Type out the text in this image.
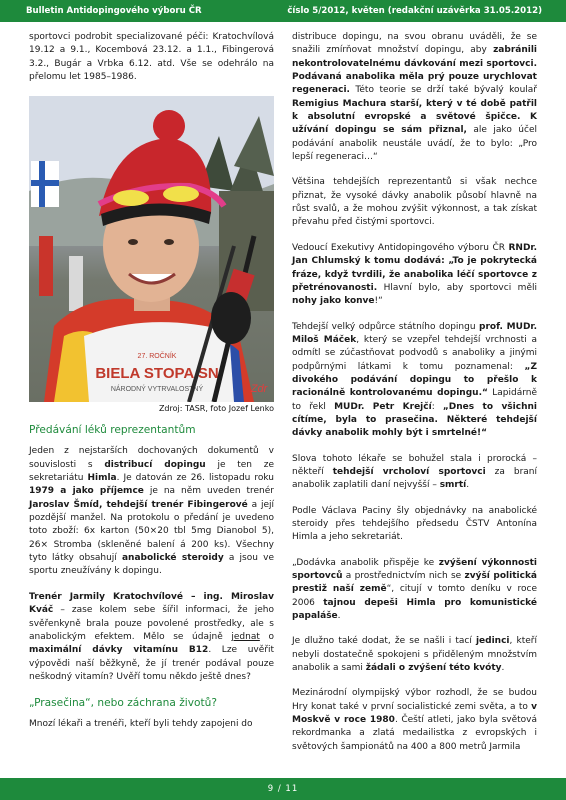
Bulletin Antidopingového výboru ČR	číslo 5/2012, květen (redakční uzávěrka 31.05.2012)

sportovci podrobit specializované péči: Kratochvílová 19.12 a 9.1., Kocembová 23.12. a 1.1., Fibingerová 3.2., Bugár a Vrbka 6.12. atd. Vše se odehrálo na přelomu let 1985–1986.

BIELA STOPA SN
27. ROČNÍK
NÁRODNÝ VYTRVALOSTNÝ	Zdr
Zdroj: TASR, foto Jozef Lenko
Předávání léků reprezentantům

Jeden z nejstarších dochovaných dokumentů v souvislosti s distribucí dopingu je ten ze sekretariátu Himla. Je datován ze 26. listopadu roku 1979 a jako příjemce je na něm uveden trenér Jaroslav Šmíd, tehdejší trenér Fibingerové a její pozdější manžel. Na protokolu o předání je uvedeno toto zboží: 6x karton (50×20 tbl 5mg Dianobol 5), 26× Stromba (skleněné balení á 200 ks). Všechny tyto látky obsahují anabolické steroidy a jsou ve sportu zneužívány k dopingu.

Trenér Jarmily Kratochvílové – ing. Miroslav Kváč – zase kolem sebe šířil informaci, že jeho svěřenkyně brala pouze povolené prostředky, ale s anabolickým efektem. Mělo se údajně jednat o maximální dávky vitamínu B12. Lze uvěřit výpovědi naší běžkyně, že jí trenér podával pouze neškodný vitamín? Uvěří tomu někdo ještě dnes?

„Prasečina“, nebo záchrana životů?

Mnozí lékaři a trenéři, kteří byli tehdy zapojeni do

distribuce dopingu, na svou obranu uváděli, že se snažili zmírňovat množství dopingu, aby zabránili nekontrolovatelnému dávkování mezi sportovci. Podávaná anabolika měla prý pouze urychlovat regeneraci. Této teorie se drží také bývalý koulař Remigius Machura starší, který v té době patřil k absolutní evropské a světové špičce. K užívání dopingu se sám přiznal, ale jako účel podávání anabolik neustále uvádí, že to bylo: „Pro lepší regeneraci…“

Většina tehdejších reprezentantů si však nechce přiznat, že vysoké dávky anabolik působí hlavně na růst svalů, a že mohou zvýšit výkonnost, a tak získat převahu před čistými sportovci.

Vedoucí Exekutivy Antidopingového výboru ČR RNDr. Jan Chlumský k tomu dodává: „To je pokrytecká fráze, když tvrdili, že anabolika léčí sportovce z přetrénovanosti. Hlavní bylo, aby sportovci měli nohy jako konve!“

Tehdejší velký odpůrce státního dopingu prof. MUDr. Miloš Máček, který se vzepřel tehdejší vrchnosti a odmítl se zúčastňovat podvodů s anaboliky a jinými podpůrnými látkami k tomu poznamenal: „Z divokého podávání dopingu to přešlo k racionálně kontrolovanému dopingu.“ Lapidárně to řekl MUDr. Petr Krejčí: „Dnes to všichni cítíme, byla to prasečina. Některé tehdejší dávky anabolik mohly být i smrtelné!“

Slova tohoto lékaře se bohužel stala i prorocká – někteří tehdejší vrcholoví sportovci za braní anabolik zaplatili daní nejvyšší – smrtí.

Podle Václava Paciny šly objednávky na anabolické steroidy přes tehdejšího předsedu ČSTV Antonína Himla a jeho sekretariát.

„Dodávka anabolik přispěje ke zvýšení výkonnosti sportovců a prostřednictvím nich se zvýší politická prestiž naší země“, citují v tomto deníku v roce 2006 tajnou depeši Himla pro komunistické papaláše.

Je dlužno také dodat, že se našli i tací jedinci, kteří nebyli dostatečně spokojeni s přiděleným množstvím anabolik a sami žádali o zvýšení této kvóty.

Mezinárodní olympijský výbor rozhodl, že se budou Hry konat také v první socialistické zemi světa, a to v Moskvě v roce 1980. Čeští atleti, jako byla světová rekordmanka a zlatá medailistka z evropských i světových šampionátů na 400 a 800 metrů Jarmila

9 / 11
